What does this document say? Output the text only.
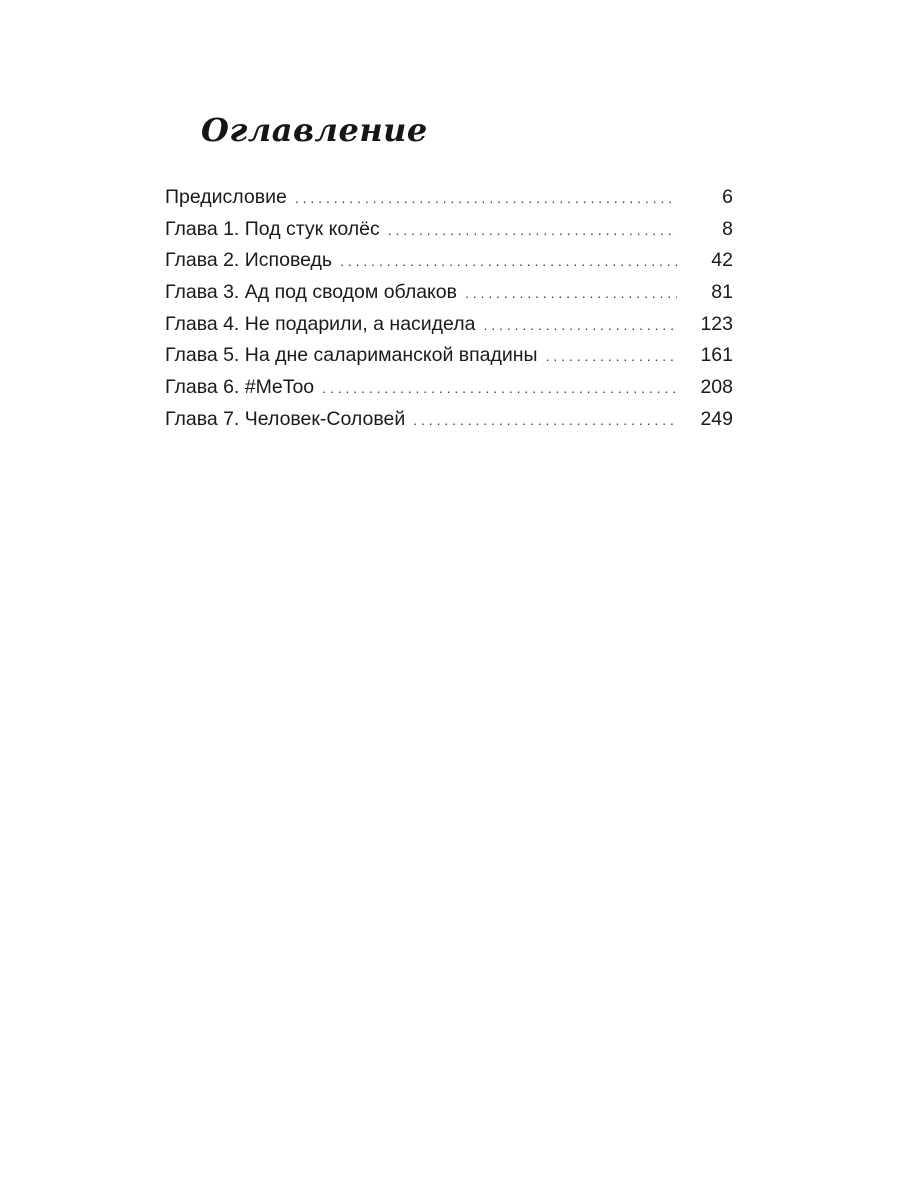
Оглавление
Предисловие . . .	6
Глава 1. Под стук колёс . . .	8
Глава 2. Исповедь . . .	42
Глава 3. Ад под сводом облаков . . .	81
Глава 4. Не подарили, а насидела . . .	123
Глава 5. На дне салариманской впадины . . .	161
Глава 6. #MeToo . . .	208
Глава 7. Человек-Соловей . . .	249
